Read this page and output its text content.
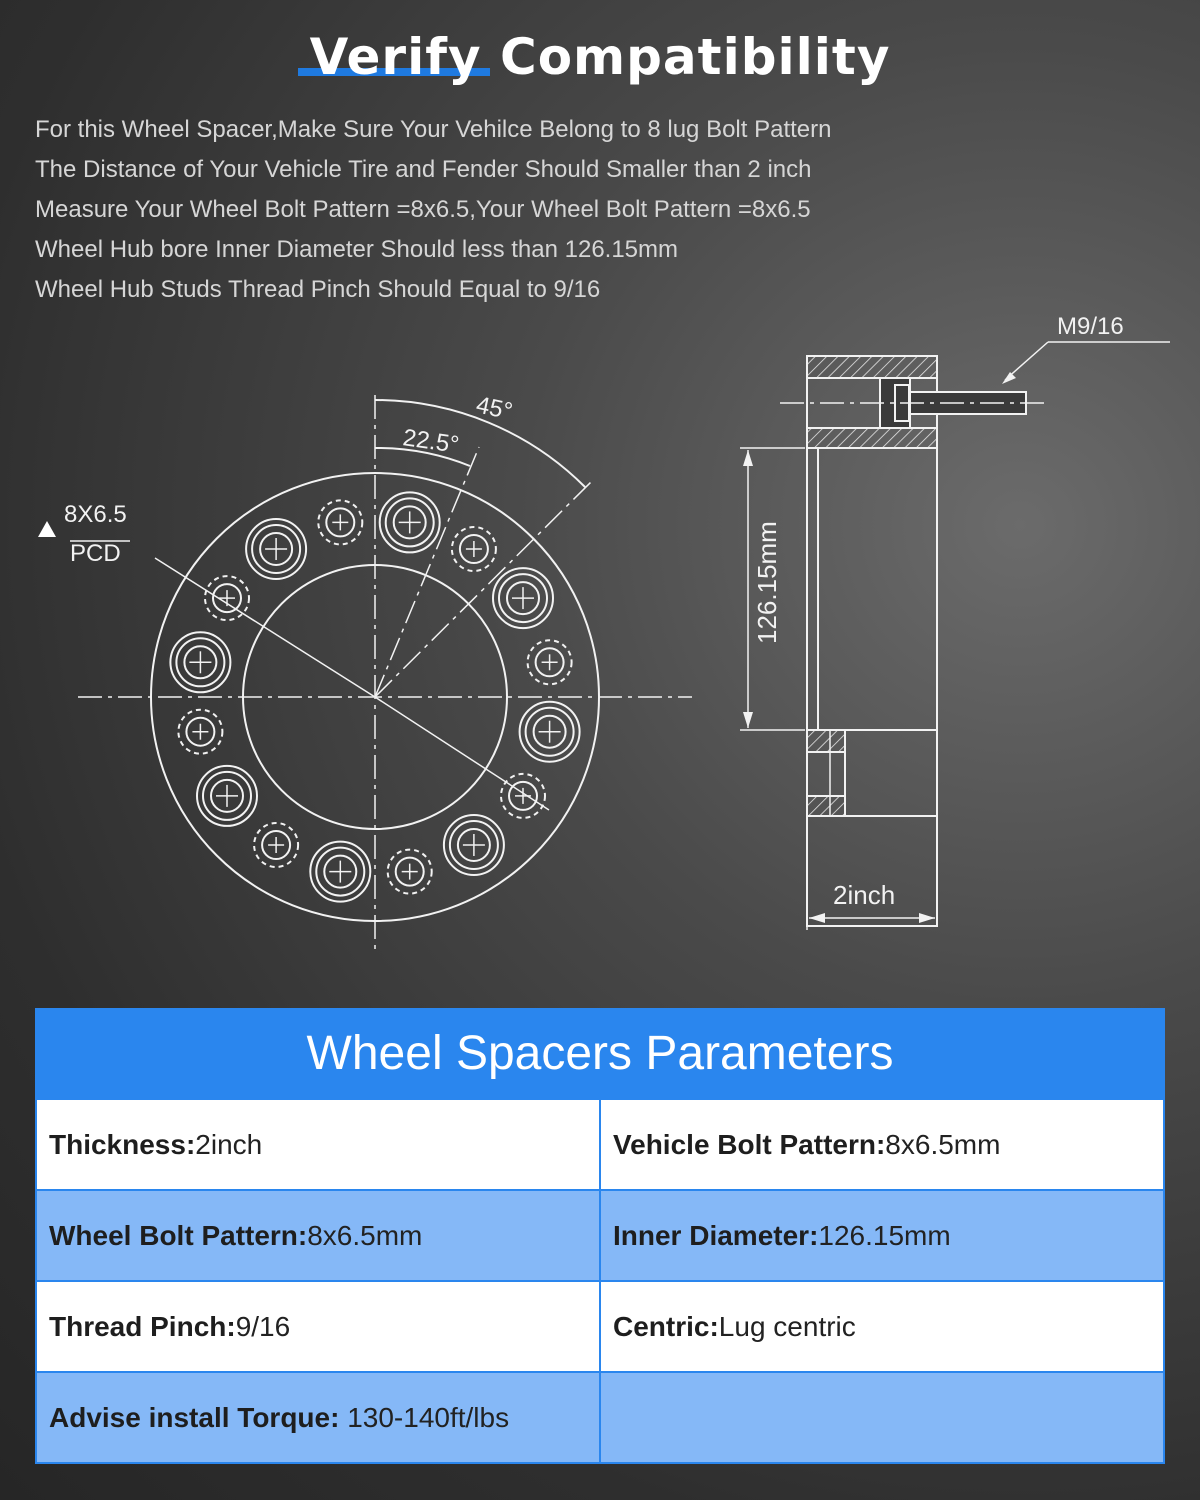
Verify Compatibility
For this Wheel Spacer,Make Sure Your Vehilce Belong to 8 lug Bolt Pattern
The Distance of Your Vehicle Tire and Fender Should Smaller than 2 inch
Measure Your Wheel Bolt Pattern =8x6.5,Your Wheel Bolt Pattern =8x6.5
Wheel Hub bore Inner Diameter Should less than 126.15mm
Wheel Hub Studs Thread Pinch Should Equal to 9/16
45°
22.5°
8X6.5
PCD
M9/16
126.15mm
2inch
Wheel Spacers Parameters
Thickness:2inch	Vehicle Bolt Pattern:8x6.5mm
Wheel Bolt Pattern:8x6.5mm	Inner Diameter:126.15mm
Thread Pinch:9/16	Centric:Lug centric
Advise install Torque: 130-140ft/lbs
